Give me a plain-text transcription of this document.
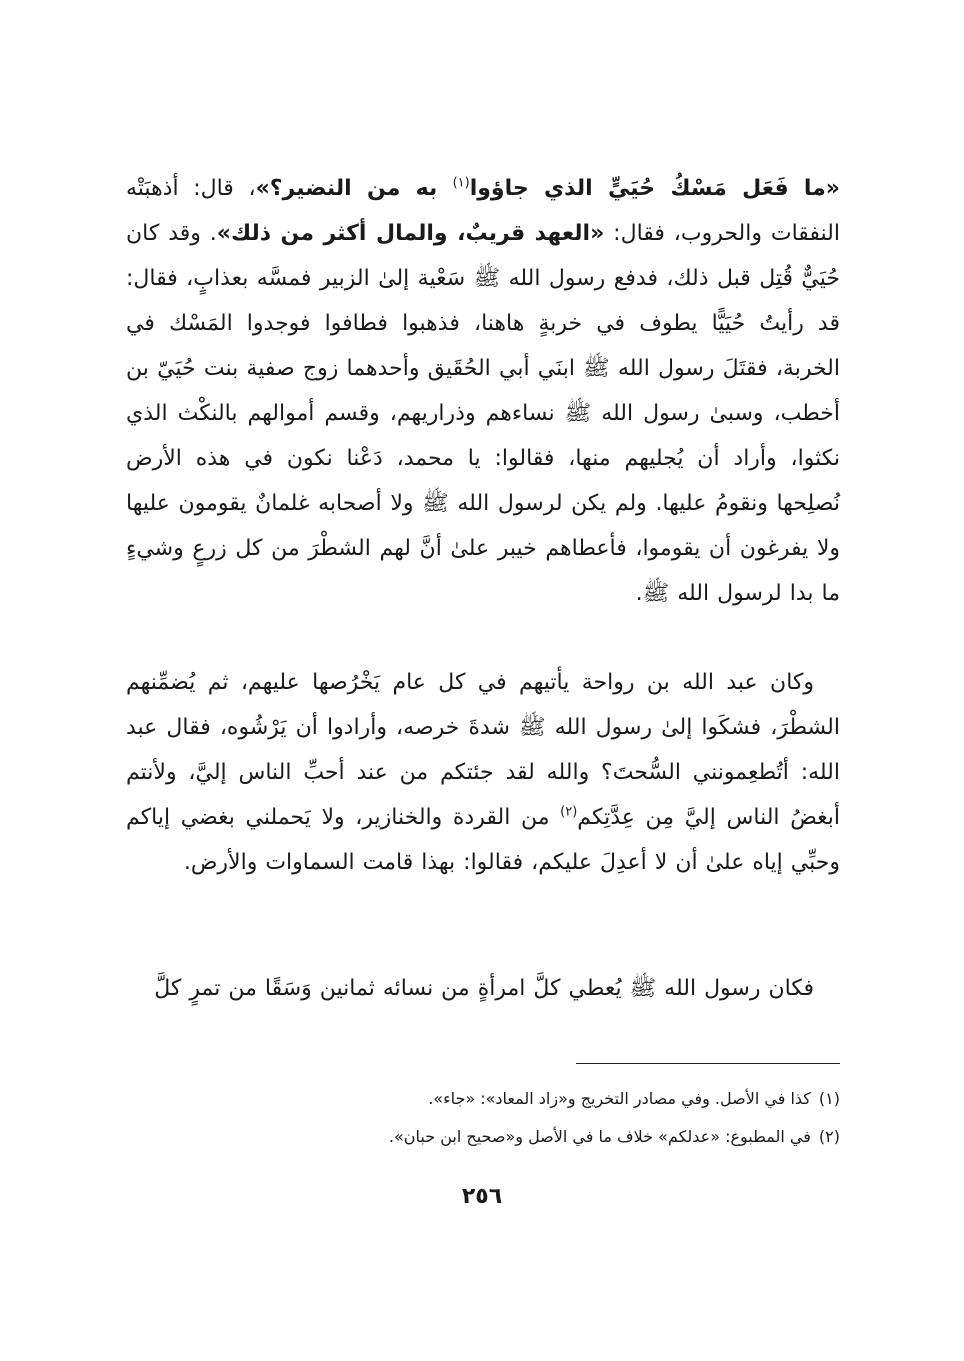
«ما فَعَل مَسْكُ حُيَيٍّ الذي جاؤوا$^{(١)}$ به من النضير؟»، قال: أذهبَتْه النفقات والحروب، فقال: «العهد قريبٌ، والمال أكثر من ذلك». وقد كان حُيَيٌّ قُتِل قبل ذلك، فدفع رسول الله ﷺ سَعْية إلىٰ الزبير فمسَّه بعذابٍ، فقال: قد رأيتُ حُيَيًّا يطوف في خربةٍ هاهنا، فذهبوا فطافوا فوجدوا المَسْك في الخربة، فقتَلَ رسول الله ﷺ ابنَي أبي الحُقَيق وأحدهما زوج صفية بنت حُيَيّ بن أخطب، وسبىٰ رسول الله ﷺ نساءهم وذراريهم، وقسم أموالهم بالنكْث الذي نكثوا، وأراد أن يُجليهم منها، فقالوا: يا محمد، دَعْنا نكون في هذه الأرض نُصلِحها ونقومُ عليها. ولم يكن لرسول الله ﷺ ولا أصحابه غلمانٌ يقومون عليها ولا يفرغون أن يقوموا، فأعطاهم خيبر علىٰ أنَّ لهم الشطْرَ من كل زرعٍ وشيءٍ ما بدا لرسول الله ﷺ.

وكان عبد الله بن رواحة يأتيهم في كل عام يَخْرُصها عليهم، ثم يُضمِّنهم الشطْرَ، فشكَوا إلىٰ رسول الله ﷺ شدةَ خرصه، وأرادوا أن يَرْشُوه، فقال عبد الله: أتُطعِمونني السُّحتَ؟ والله لقد جئتكم من عند أحبِّ الناس إليَّ، ولأنتم أبغضُ الناس إليَّ مِن عِدَّتِكم$^{(٢)}$ من القردة والخنازير، ولا يَحملني بغضي إياكم وحبِّي إياه علىٰ أن لا أعدِلَ عليكم، فقالوا: بهذا قامت السماوات والأرض.

فكان رسول الله ﷺ يُعطي كلَّ امرأةٍ من نسائه ثمانين وَسَقًا من تمرٍ كلَّ

(١)كذا في الأصل. وفي مصادر التخريج و«زاد المعاد»: «جاء».

(٢)في المطبوع: «عدلكم» خلاف ما في الأصل و«صحيح ابن حبان».

٢٥٦
